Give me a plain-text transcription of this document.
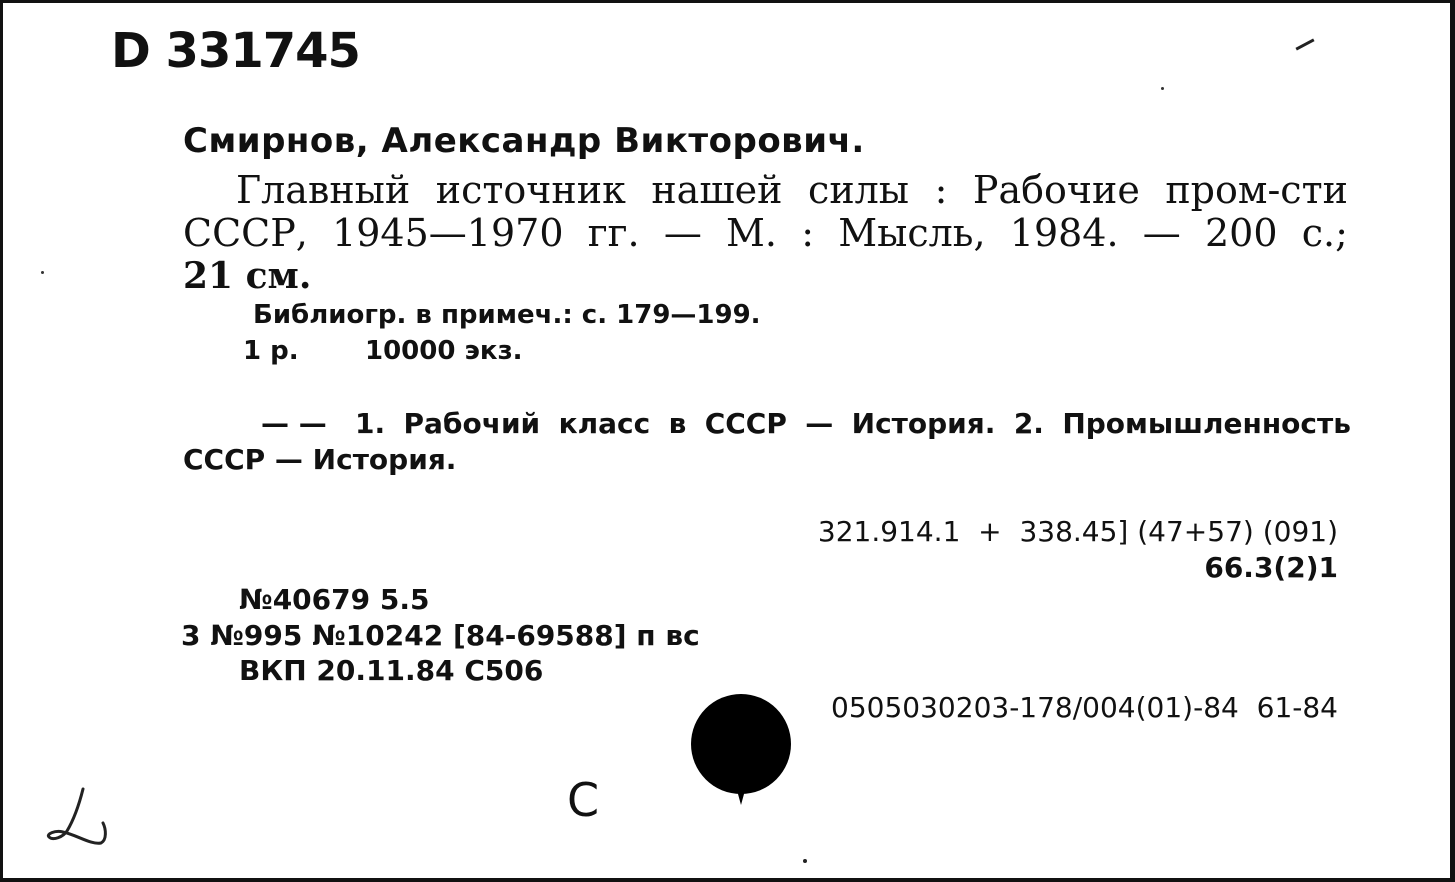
D 331745
Смирнов, Александр Викторович.
Главный источник нашей силы : Рабочие пром-сти
СССР, 1945—1970 гг. — М. : Мысль, 1984. — 200 с.;
21 см.
Библиогр. в примеч.: с. 179—199.
1 р.	10000 экз.
— — 1. Рабочий класс в СССР — История. 2. Промышленность
СССР — История.
321.914.1  +  338.45] (47+57) (091)
66.3(2)1
№40679 5.5
3 №995 №10242 [84-69588] п вс
ВКП 20.11.84 С506
0505030203-178/004(01)-84  61-84
С
